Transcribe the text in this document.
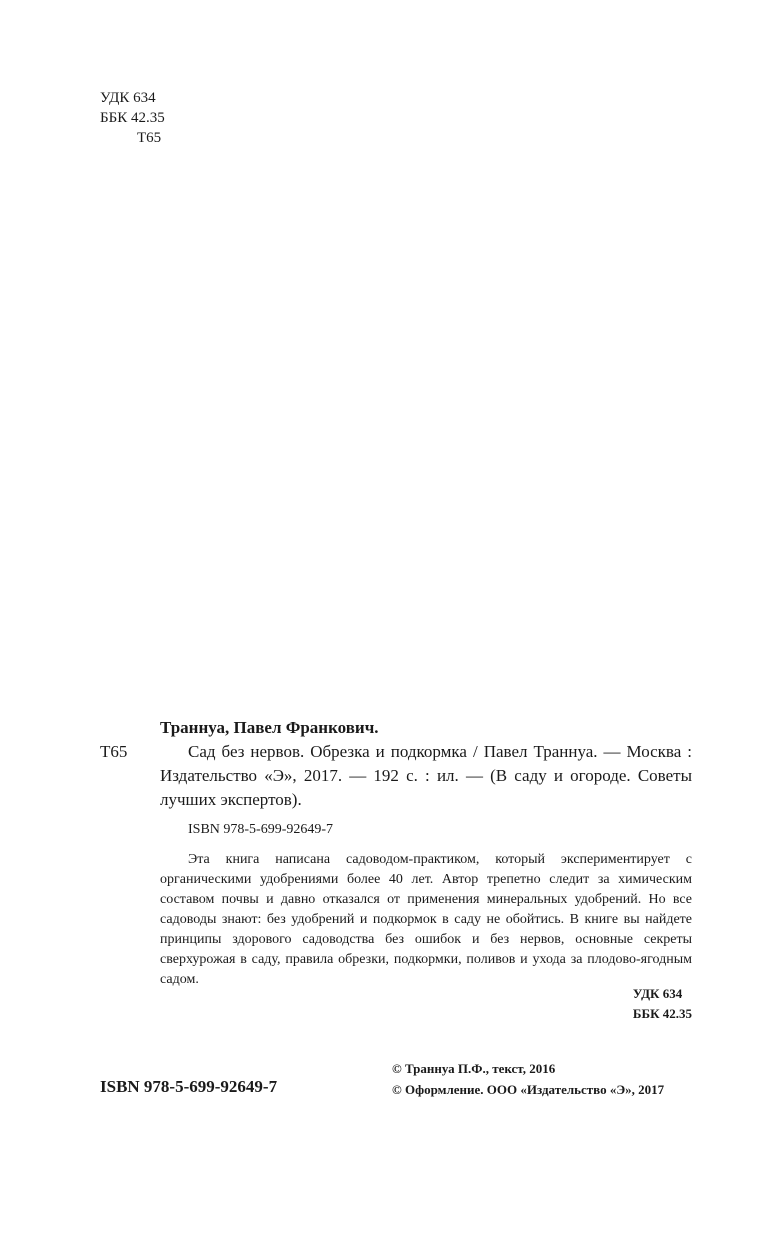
УДК 634
ББК 42.35
Т65
Т65
Траннуа, Павел Франкович.

Сад без нервов. Обрезка и подкормка / Павел Траннуа. — Москва : Издательство «Э», 2017. — 192 с. : ил. — (В саду и огороде. Советы лучших экспертов).

ISBN 978-5-699-92649-7

Эта книга написана садоводом-практиком, который экспериментирует с органическими удобрениями более 40 лет. Автор трепетно следит за химическим составом почвы и давно отказался от применения минеральных удобрений. Но все садоводы знают: без удобрений и подкормок в саду не обойтись. В книге вы найдете принципы здорового садоводства без ошибок и без нервов, основные секреты сверхурожая в саду, правила обрезки, подкормки, поливов и ухода за плодово-ягодным садом.

УДК 634
ББК 42.35
ISBN 978-5-699-92649-7
© Траннуа П.Ф., текст, 2016
© Оформление. ООО «Издательство «Э», 2017
